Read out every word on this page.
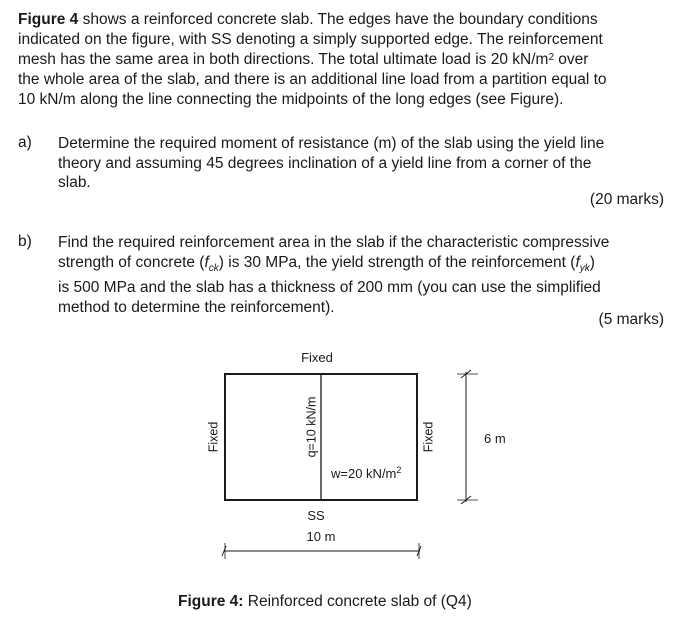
Figure 4 shows a reinforced concrete slab. The edges have the boundary conditions
indicated on the figure, with SS denoting a simply supported edge. The reinforcement
mesh has the same area in both directions. The total ultimate load is 20 $kN/m^2$ over
the whole area of the slab, and there is an additional line load from a partition equal to
10 kN/m along the line connecting the midpoints of the long edges (see Figure).
a) Determine the required moment of resistance (m) of the slab using the yield line
theory and assuming 45 degrees inclination of a yield line from a corner of the
slab.
(20 marks)
b) Find the required reinforcement area in the slab if the characteristic compressive
strength of concrete $(f_{ck})$ is 30 MPa, the yield strength of the reinforcement $(f_{yk})$
is 500 MPa and the slab has a thickness of 200 mm (you can use the simplified
method to determine the reinforcement).
(5 marks)
Fixed
Fixed	Fixed
SS
q=10 kN/m
w=20 $kN/m^2$
10 m
6 m
Figure 4: Reinforced concrete slab of (Q4)
